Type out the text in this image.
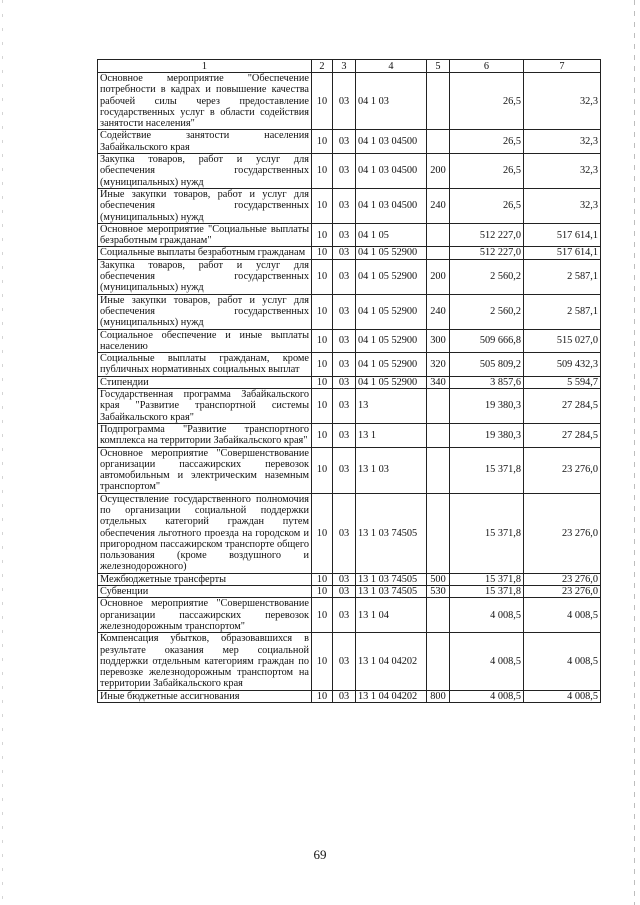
1	2	3	4	5	6	7
Основное мероприятие "Обеспечение потребности в кадрах и повышение качества рабочей силы через предоставление государственных услуг в области содействия занятости населения"	10	03	04 1 03		26,5	32,3
Содействие занятости населения Забайкальского края	10	03	04 1 03 04500		26,5	32,3
Закупка товаров, работ и услуг для обеспечения государственных (муниципальных) нужд	10	03	04 1 03 04500	200	26,5	32,3
Иные закупки товаров, работ и услуг для обеспечения государственных (муниципальных) нужд	10	03	04 1 03 04500	240	26,5	32,3
Основное мероприятие "Социальные выплаты безработным гражданам"	10	03	04 1 05		512 227,0	517 614,1
Социальные выплаты безработным гражданам	10	03	04 1 05 52900		512 227,0	517 614,1
Закупка товаров, работ и услуг для обеспечения государственных (муниципальных) нужд	10	03	04 1 05 52900	200	2 560,2	2 587,1
Иные закупки товаров, работ и услуг для обеспечения государственных (муниципальных) нужд	10	03	04 1 05 52900	240	2 560,2	2 587,1
Социальное обеспечение и иные выплаты населению	10	03	04 1 05 52900	300	509 666,8	515 027,0
Социальные выплаты гражданам, кроме публичных нормативных социальных выплат	10	03	04 1 05 52900	320	505 809,2	509 432,3
Стипендии	10	03	04 1 05 52900	340	3 857,6	5 594,7
Государственная программа Забайкальского края "Развитие транспортной системы Забайкальского края"	10	03	13		19 380,3	27 284,5
Подпрограмма "Развитие транспортного комплекса на территории Забайкальского края"	10	03	13 1		19 380,3	27 284,5
Основное мероприятие "Совершенствование организации пассажирских перевозок автомобильным и электрическим наземным транспортом"	10	03	13 1 03		15 371,8	23 276,0
Осуществление государственного полномочия по организации социальной поддержки отдельных категорий граждан путем обеспечения льготного проезда на городском и пригородном пассажирском транспорте общего пользования (кроме воздушного и железнодорожного)	10	03	13 1 03 74505		15 371,8	23 276,0
Межбюджетные трансферты	10	03	13 1 03 74505	500	15 371,8	23 276,0
Субвенции	10	03	13 1 03 74505	530	15 371,8	23 276,0
Основное мероприятие "Совершенствование организации пассажирских перевозок железнодорожным транспортом"	10	03	13 1 04		4 008,5	4 008,5
Компенсация убытков, образовавшихся в результате оказания мер социальной поддержки отдельным категориям граждан по перевозке железнодорожным транспортом на территории Забайкальского края	10	03	13 1 04 04202		4 008,5	4 008,5
Иные бюджетные ассигнования	10	03	13 1 04 04202	800	4 008,5	4 008,5
69
